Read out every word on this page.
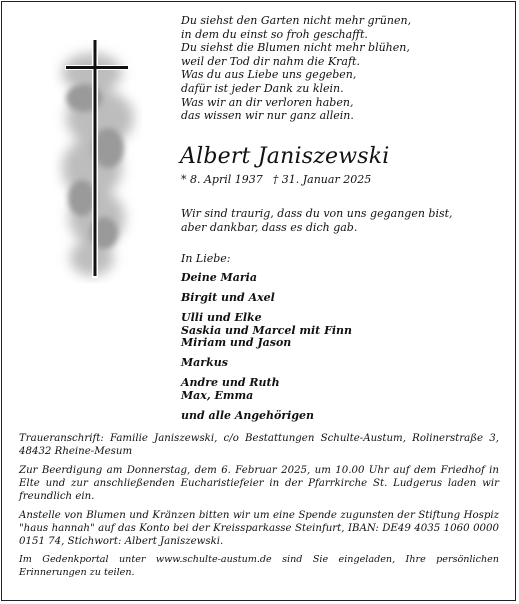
Du siehst den Garten nicht mehr grünen,
in dem du einst so froh geschafft.
Du siehst die Blumen nicht mehr blühen,
weil der Tod dir nahm die Kraft.
Was du aus Liebe uns gegeben,
dafür ist jeder Dank zu klein.
Was wir an dir verloren haben,
das wissen wir nur ganz allein.
Albert Janiszewski
* 8. April 1937 † 31. Januar 2025
Wir sind traurig, dass du von uns gegangen bist,
aber dankbar, dass es dich gab.
In Liebe:
Deine Maria
Birgit und Axel
Ulli und Elke
Saskia und Marcel mit Finn
Miriam und Jason
Markus
Andre und Ruth
Max, Emma
und alle Angehörigen

Traueranschrift: Familie Janiszewski, c/o Bestattungen Schulte-Austum, Rolinerstraße 3, 48432 Rheine-Mesum

Zur Beerdigung am Donnerstag, dem 6. Februar 2025, um 10.00 Uhr auf dem Friedhof in Elte und zur anschließenden Eucharistiefeier in der Pfarrkirche St. Ludgerus laden wir freundlich ein.

Anstelle von Blumen und Kränzen bitten wir um eine Spende zugunsten der Stiftung Hospiz "haus hannah" auf das Konto bei der Kreissparkasse Steinfurt, IBAN: DE49 4035 1060 0000 0151 74, Stichwort: Albert Janiszewski.

Im Gedenkportal unter www.schulte-austum.de sind Sie eingeladen, Ihre persönlichen Erinnerungen zu teilen.
